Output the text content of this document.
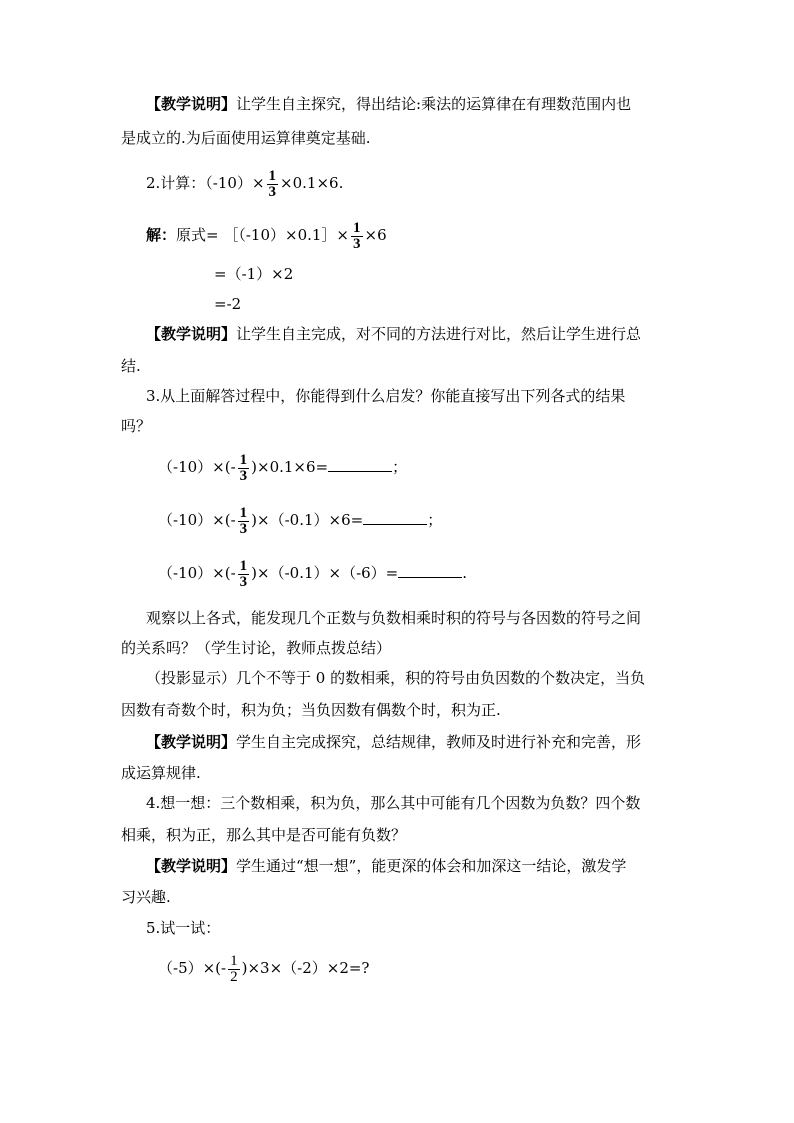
【教学说明】让学生自主探究，得出结论:乘法的运算律在有理数范围内也
是成立的.为后面使用运算律奠定基础.
2.计算：$(-10)\times \frac{1}{3} \times 0.1\times 6$.
解：原式= ［（-10）×0.1］× $\frac{1}{3} \times 6$
=（-1）×2
=-2
【教学说明】让学生自主完成，对不同的方法进行对比，然后让学生进行总
结.
3.从上面解答过程中，你能得到什么启发？你能直接写出下列各式的结果
吗？
$(-10)\times(- \frac{1}{3} )\times 0.1\times 6=$	；
$(-10)\times(- \frac{1}{3} )\times(-0.1)\times 6=$	；
$(-10)\times(- \frac{1}{3} )\times(-0.1)\times(-6)=$	.
观察以上各式，能发现几个正数与负数相乘时积的符号与各因数的符号之间
的关系吗？（学生讨论，教师点拨总结）
（投影显示）几个不等于 0 的数相乘，积的符号由负因数的个数决定，当负
因数有奇数个时，积为负；当负因数有偶数个时，积为正.
【教学说明】学生自主完成探究，总结规律，教师及时进行补充和完善，形
成运算规律.
4.想一想：三个数相乘，积为负，那么其中可能有几个因数为负数？四个数
相乘，积为正，那么其中是否可能有负数？
【教学说明】学生通过“想一想”，能更深的体会和加深这一结论，激发学
习兴趣.
5.试一试：
$(-5)\times(- \frac{1}{2} )\times 3\times(-2)\times 2=$?
